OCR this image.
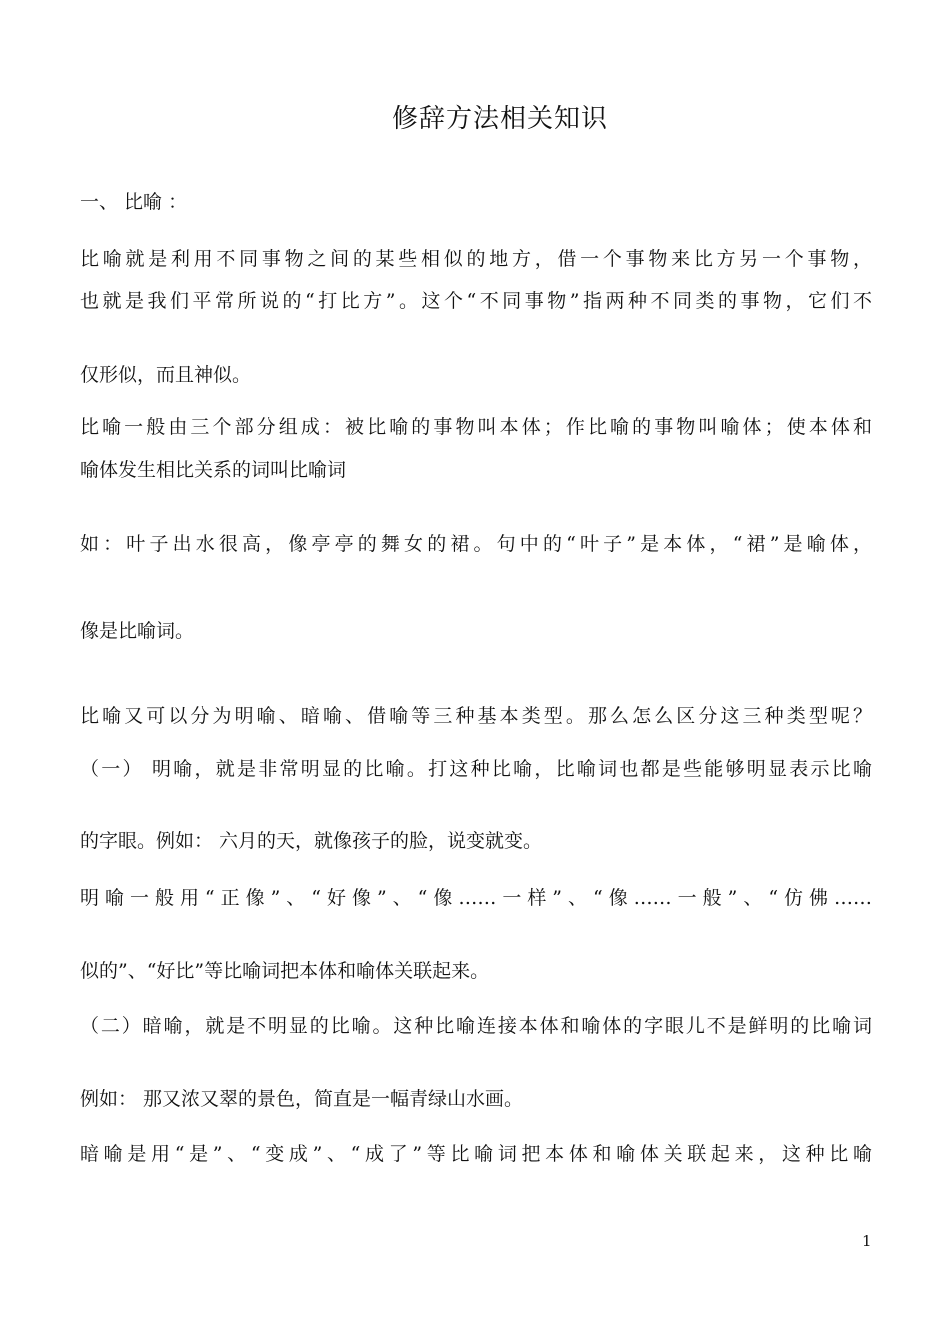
修辞方法相关知识
一、 比喻 ：
比喻就是利用不同事物之间的某些相似的地方，借一个事物来比方另一个事物，
也就是我们平常所说的“打比方”。这个“不同事物”指两种不同类的事物，它们不
仅形似，而且神似。
比喻一般由三个部分组成：被比喻的事物叫本体；作比喻的事物叫喻体；使本体和
喻体发生相比关系的词叫比喻词
如：叶子出水很高，像亭亭的舞女的裙。句中的“叶子”是本体，“裙”是喻体，
像是比喻词。
比喻又可以分为明喻、暗喻、借喻等三种基本类型。那么怎么区分这三种类型呢？
（一） 明喻，就是非常明显的比喻。打这种比喻，比喻词也都是些能够明显表示比喻
的字眼。例如： 六月的天，就像孩子的脸，说变就变。
明喻一般用“正像”、“好像”、“像……一样”、“像……一般”、“仿佛……
似的”、“好比”等比喻词把本体和喻体关联起来。
（二）暗喻，就是不明显的比喻。这种比喻连接本体和喻体的字眼儿不是鲜明的比喻词
例如： 那又浓又翠的景色，简直是一幅青绿山水画。
暗喻是用“是”、“变成”、“成了”等比喻词把本体和喻体关联起来，这种比喻
1
